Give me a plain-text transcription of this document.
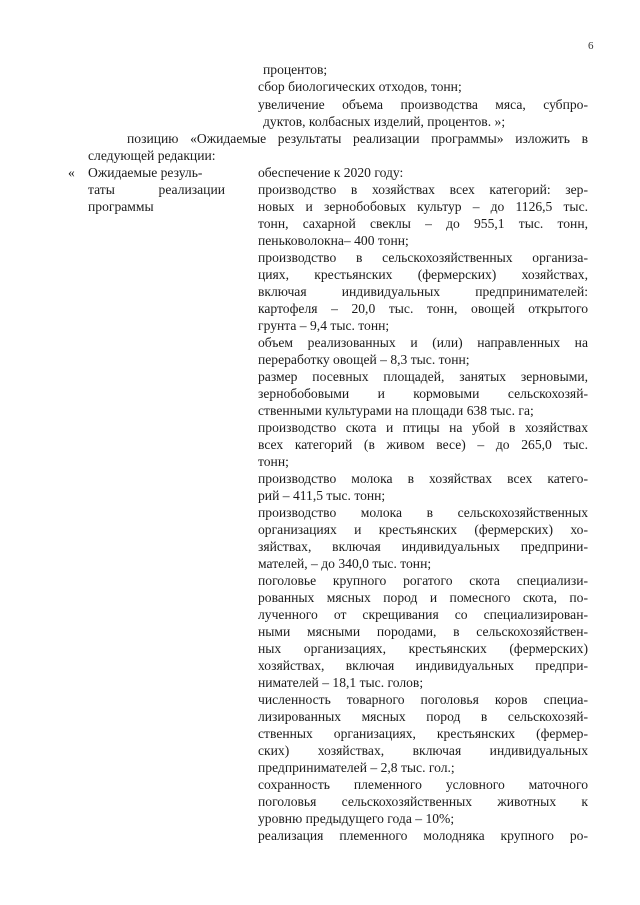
6
процентов;
сбор биологических отходов, тонн;
увеличение объема производства мяса, субпро-
дуктов, колбасных изделий, процентов. »;
позицию «Ожидаемые результаты реализации программы» изложить в
следующей редакции:
« Ожидаемые резуль-
таты реализации
программы
обеспечение к 2020 году:
производство в хозяйствах всех категорий: зер-
новых и зернобобовых культур – до 1126,5 тыс.
тонн, сахарной свеклы – до 955,1 тыс. тонн,
пеньковолокна– 400 тонн;
производство в сельскохозяйственных организа-
циях, крестьянских (фермерских) хозяйствах,
включая индивидуальных предпринимателей:
картофеля – 20,0 тыс. тонн, овощей открытого
грунта – 9,4 тыс. тонн;
объем реализованных и (или) направленных на
переработку овощей – 8,3 тыс. тонн;
размер посевных площадей, занятых зерновыми,
зернобобовыми и кормовыми сельскохозяй-
ственными культурами на площади 638 тыс. га;
производство скота и птицы на убой в хозяйствах
всех категорий (в живом весе) – до 265,0 тыс.
тонн;
производство молока в хозяйствах всех катего-
рий – 411,5 тыс. тонн;
производство молока в сельскохозяйственных
организациях и крестьянских (фермерских) хо-
зяйствах, включая индивидуальных предприни-
мателей, – до 340,0 тыс. тонн;
поголовье крупного рогатого скота специализи-
рованных мясных пород и помесного скота, по-
лученного от скрещивания со специализирован-
ными мясными породами, в сельскохозяйствен-
ных организациях, крестьянских (фермерских)
хозяйствах, включая индивидуальных предпри-
нимателей – 18,1 тыс. голов;
численность товарного поголовья коров специа-
лизированных мясных пород в сельскохозяй-
ственных организациях, крестьянских (фермер-
ских) хозяйствах, включая индивидуальных
предпринимателей – 2,8 тыс. гол.;
сохранность племенного условного маточного
поголовья сельскохозяйственных животных к
уровню предыдущего года – 10%;
реализация племенного молодняка крупного ро-
